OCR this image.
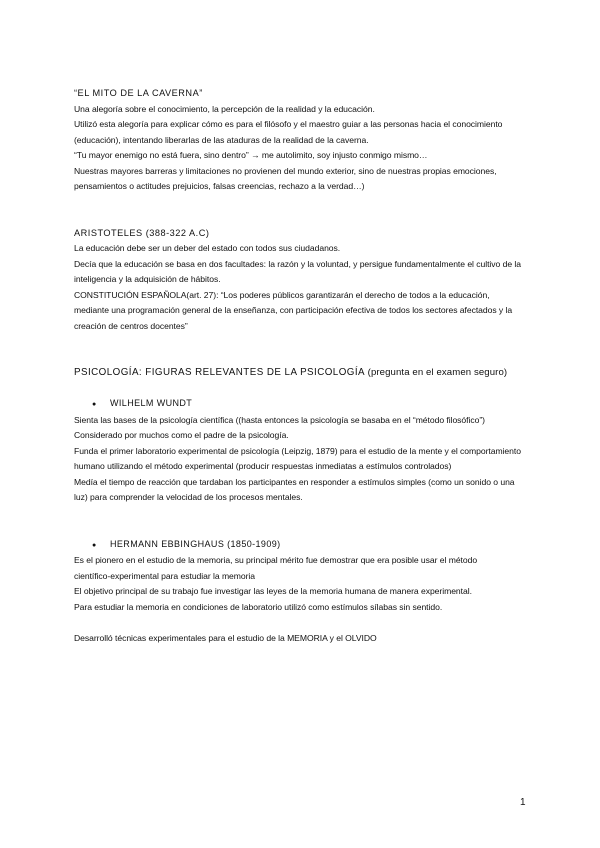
“EL MITO DE LA CAVERNA”
Una alegoría sobre el conocimiento, la percepción de la realidad y la educación.
Utilizó esta alegoría para explicar cómo es para el filósofo y el maestro guiar a las personas hacia el conocimiento
(educación), intentando liberarlas de las ataduras de la realidad de la caverna.
“Tu mayor enemigo no está fuera, sino dentro” → me autolimito, soy injusto conmigo mismo…
Nuestras mayores barreras y limitaciones no provienen del mundo exterior, sino de nuestras propias emociones,
pensamientos o actitudes prejuicios, falsas creencias, rechazo a la verdad…)
ARISTOTELES (388-322 A.C)
La educación debe ser un deber del estado con todos sus ciudadanos.
Decía que la educación se basa en dos facultades: la razón y la voluntad, y persigue fundamentalmente el cultivo de la
inteligencia y la adquisición de hábitos.
CONSTITUCIÓN ESPAÑOLA(art. 27): “Los poderes públicos garantizarán el derecho de todos a la educación,
mediante una programación general de la enseñanza, con participación efectiva de todos los sectores afectados y la
creación de centros docentes”
PSICOLOGÍA: FIGURAS RELEVANTES DE LA PSICOLOGÍA (pregunta en el examen seguro)
● WILHELM WUNDT
Sienta las bases de la psicología científica ((hasta entonces la psicología se basaba en el “método filosófico”)
Considerado por muchos como el padre de la psicología.
Funda el primer laboratorio experimental de psicología (Leipzig, 1879) para el estudio de la mente y el comportamiento
humano utilizando el método experimental (producir respuestas inmediatas a estímulos controlados)
Medía el tiempo de reacción que tardaban los participantes en responder a estímulos simples (como un sonido o una
luz) para comprender la velocidad de los procesos mentales.
● HERMANN EBBINGHAUS (1850-1909)
Es el pionero en el estudio de la memoria, su principal mérito fue demostrar que era posible usar el método
científico-experimental para estudiar la memoria
El objetivo principal de su trabajo fue investigar las leyes de la memoria humana de manera experimental.
Para estudiar la memoria en condiciones de laboratorio utilizó como estímulos sílabas sin sentido.
Desarrolló técnicas experimentales para el estudio de la MEMORIA y el OLVIDO
1
